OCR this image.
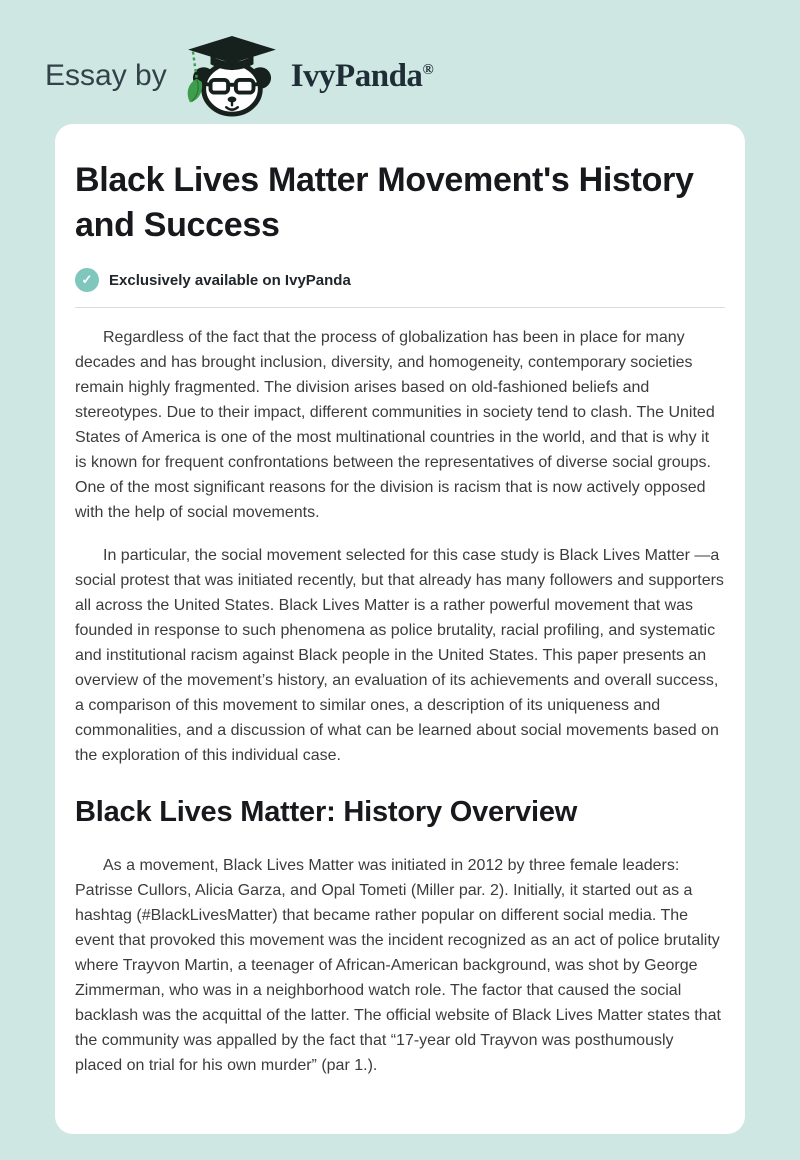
Essay by	IvyPanda®
Black Lives Matter Movement's History and Success
✓	Exclusively available on IvyPanda

Regardless of the fact that the process of globalization has been in place for many decades and has brought inclusion, diversity, and homogeneity, contemporary societies remain highly fragmented. The division arises based on old-fashioned beliefs and stereotypes. Due to their impact, different communities in society tend to clash. The United States of America is one of the most multinational countries in the world, and that is why it is known for frequent confrontations between the representatives of diverse social groups. One of the most significant reasons for the division is racism that is now actively opposed with the help of social movements.

In particular, the social movement selected for this case study is Black Lives Matter —a social protest that was initiated recently, but that already has many followers and supporters all across the United States. Black Lives Matter is a rather powerful movement that was founded in response to such phenomena as police brutality, racial profiling, and systematic and institutional racism against Black people in the United States. This paper presents an overview of the movement’s history, an evaluation of its achievements and overall success, a comparison of this movement to similar ones, a description of its uniqueness and commonalities, and a discussion of what can be learned about social movements based on the exploration of this individual case.

Black Lives Matter: History Overview

As a movement, Black Lives Matter was initiated in 2012 by three female leaders: Patrisse Cullors, Alicia Garza, and Opal Tometi (Miller par. 2). Initially, it started out as a hashtag (#BlackLivesMatter) that became rather popular on different social media. The event that provoked this movement was the incident recognized as an act of police brutality where Trayvon Martin, a teenager of African-American background, was shot by George Zimmerman, who was in a neighborhood watch role. The factor that caused the social backlash was the acquittal of the latter. The official website of Black Lives Matter states that the community was appalled by the fact that “17-year old Trayvon was posthumously placed on trial for his own murder” (par 1.).
